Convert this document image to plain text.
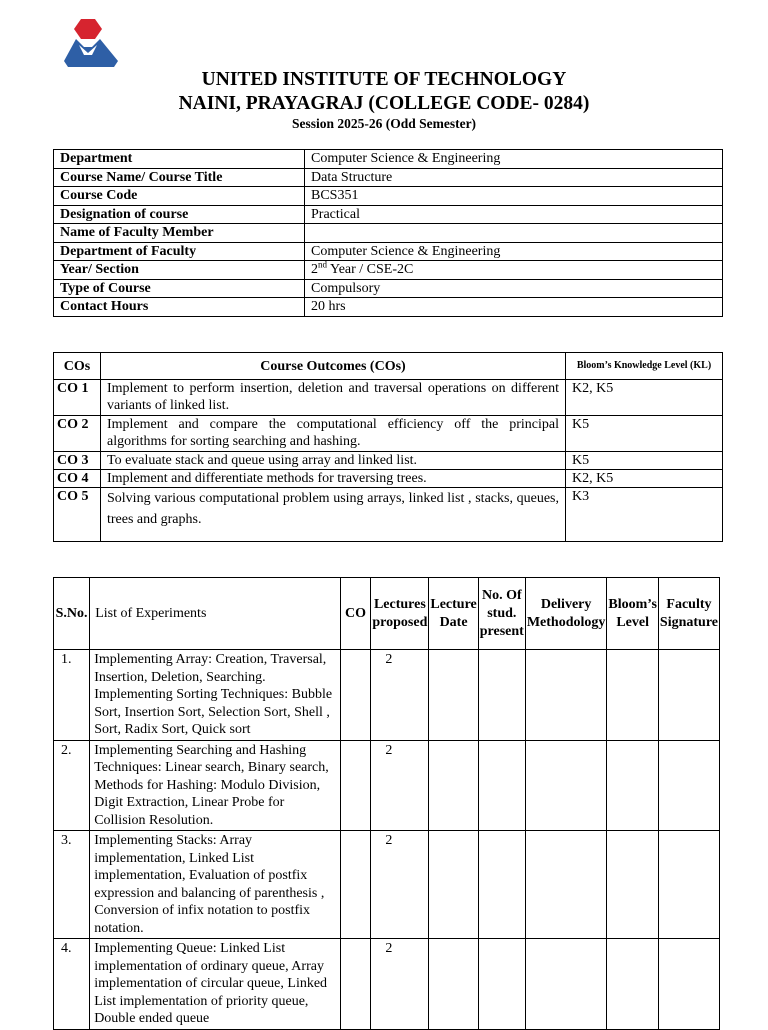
UNITED INSTITUTE OF TECHNOLOGY
NAINI, PRAYAGRAJ (COLLEGE CODE- 0284)
Session 2025-26 (Odd Semester)
Department	Computer Science & Engineering
Course Name/ Course Title	Data Structure
Course Code	BCS351
Designation of course	Practical
Name of Faculty Member	
Department of Faculty	Computer Science & Engineering
Year/ Section	2nd Year / CSE-2C
Type of Course	Compulsory
Contact Hours	20 hrs
COs	Course Outcomes (COs)	Bloom’s Knowledge Level (KL)
CO 1	Implement to perform insertion, deletion and traversal operations on different variants of linked list.	K2, K5
CO 2	Implement and compare the computational efficiency off the principal algorithms for sorting searching and hashing.	K5
CO 3	To evaluate stack and queue using array and linked list.	K5
CO 4	Implement and differentiate methods for traversing trees.	K2, K5
CO 5	Solving various computational problem using arrays, linked list , stacks, queues, trees and graphs.	K3
S.No.	List of Experiments	CO	Lectures proposed	Lecture Date	No. Of stud. present	Delivery Methodology	Bloom’s Level	Faculty Signature
1.	Implementing Array: Creation, Traversal, Insertion, Deletion, Searching.
Implementing Sorting Techniques: Bubble Sort, Insertion Sort, Selection Sort, Shell , Sort, Radix Sort, Quick sort		2					
2.	Implementing Searching and Hashing Techniques: Linear search, Binary search, Methods for Hashing: Modulo Division, Digit Extraction, Linear Probe for Collision Resolution.		2					
3.	Implementing Stacks: Array implementation, Linked List implementation, Evaluation of postfix expression and balancing of parenthesis , Conversion of infix notation to postfix notation.		2					
4.	Implementing Queue: Linked List implementation of ordinary queue, Array implementation of circular queue, Linked List implementation of priority queue, Double ended queue		2					
